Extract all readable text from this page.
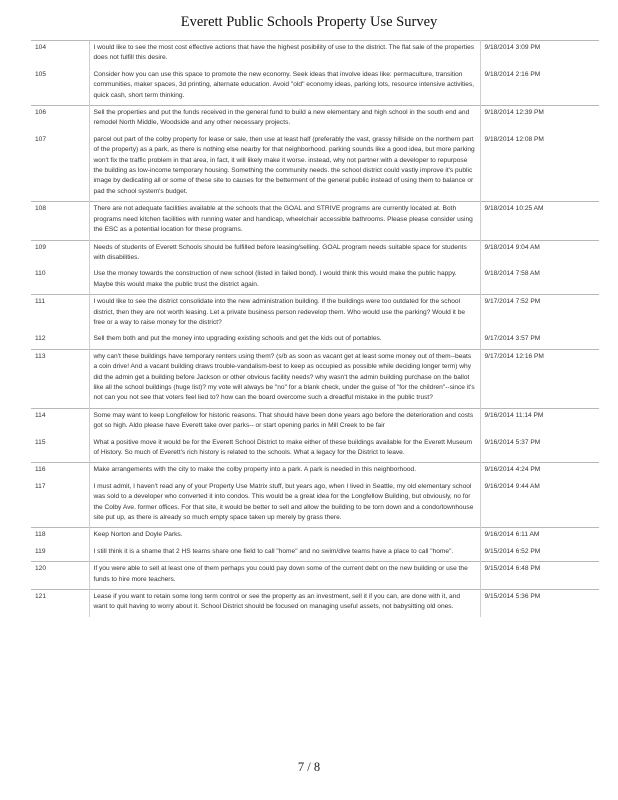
Everett Public Schools Property Use Survey
104	I would like to see the most cost effective actions that have the highest posibility of use to the district. The flat sale of the properties does not fulfill this desire.	9/18/2014 3:09 PM
105	Consider how you can use this space to promote the new economy. Seek ideas that involve ideas like: permaculture, transition communities, maker spaces, 3d printing, alternate education. Avoid "old" economy ideas, parking lots, resource intensive activities, quick cash, short term thinking.	9/18/2014 2:16 PM
106	Sell the properties and put the funds received in the general fund to build a new elementary and high school in the south end and remodel North Middle, Woodside and any other necessary projects.	9/18/2014 12:39 PM
107	parcel out part of the colby property for lease or sale, then use at least half (preferably the vast, grassy hillside on the northern part of the property) as a park, as there is nothing else nearby for that neighborhood. parking sounds like a good idea, but more parking won't fix the traffic problem in that area, in fact, it will likely make it worse. instead, why not partner with a developer to repurpose the building as low-income temporary housing. Something the community needs. the school district could vastly improve it's public image by dedicating all or some of these site to causes for the betterment of the general public instead of using them to balance or pad the school system's budget.	9/18/2014 12:08 PM
108	There are not adequate facilities available at the schools that the GOAL and STRIVE programs are currently located at. Both programs need kitchen facilities with running water and handicap, wheelchair accessible bathrooms. Please please consider using the ESC as a potential location for these programs.	9/18/2014 10:25 AM
109	Needs of students of Everett Schools should be fulfilled before leasing/selling. GOAL program needs suitable space for students with disabilities.	9/18/2014 9:04 AM
110	Use the money towards the construction of new school (listed in failed bond). I would think this would make the public happy. Maybe this would make the public trust the district again.	9/18/2014 7:58 AM
111	I would like to see the district consolidate into the new administration building. If the buildings were too outdated for the school district, then they are not worth leasing. Let a private business person redevelop them. Who would use the parking? Would it be free or a way to raise money for the district?	9/17/2014 7:52 PM
112	Sell them both and put the money into upgrading existing schools and get the kids out of portables.	9/17/2014 3:57 PM
113	why can't these buildings have temporary renters using them? (s/b as soon as vacant get at least some money out of them--beats a coin drive! And a vacant building draws trouble-vandalism-best to keep as occupied as possible while deciding longer term) why did the admin get a building before Jackson or other obvious facility needs? why wasn't the admin building purchase on the ballot like all the school buildings (huge list)? my vote will always be "no" for a blank check, under the guise of "for the children"--since it's not can you not see that voters feel lied to? how can the board overcome such a dreadful mistake in the public trust?	9/17/2014 12:16 PM
114	Some may want to keep Longfellow for historic reasons. That should have been done years ago before the deterioration and costs got so high. Aldo please have Everett take over parks-- or start opening parks in Mill Creek to be fair	9/16/2014 11:14 PM
115	What a positive move it would be for the Everett School District to make either of these buildings available for the Everett Museum of History. So much of Everett's rich history is related to the schools. What a legacy for the District to leave.	9/16/2014 5:37 PM
116	Make arrangements with the city to make the colby property into a park. A park is needed in this neighborhood.	9/16/2014 4:24 PM
117	I must admit, I haven't read any of your Property Use Matrix stuff, but years ago, when I lived in Seattle, my old elementary school was sold to a developer who converted it into condos. This would be a great idea for the Longfellow Building, but obviously, no for the Colby Ave. former offices. For that site, it would be better to sell and allow the building to be torn down and a condo/townhouse site put up, as there is already so much empty space taken up merely by grass there.	9/16/2014 9:44 AM
118	Keep Norton and Doyle Parks.	9/16/2014 6:11 AM
119	I still think it is a shame that 2 HS teams share one field to call "home" and no swim/dive teams have a place to call "home".	9/15/2014 6:52 PM
120	If you were able to sell at least one of them perhaps you could pay down some of the current debt on the new building or use the funds to hire more teachers.	9/15/2014 6:48 PM
121	Lease if you want to retain some long term control or see the property as an investment, sell it if you can, are done with it, and want to quit having to worry about it. School District should be focused on managing useful assets, not babysitting old ones.	9/15/2014 5:36 PM
7 / 8
